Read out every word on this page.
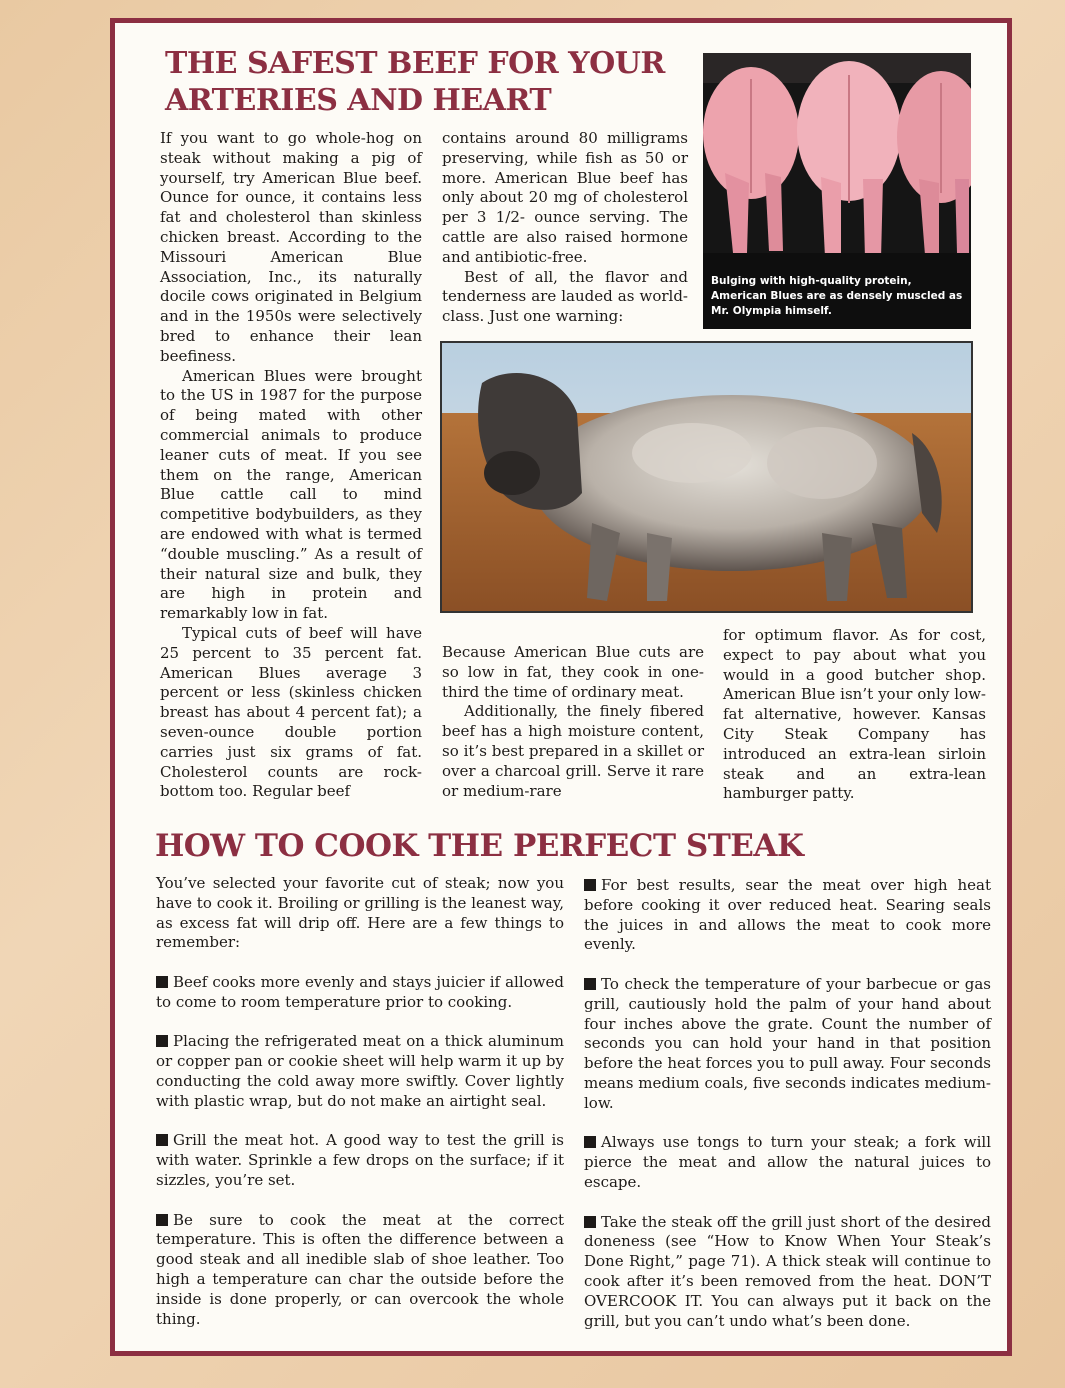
THE SAFEST BEEF FOR YOUR ARTERIES AND HEART

If you want to go whole-hog on steak without making a pig of yourself, try American Blue beef. Ounce for ounce, it contains less fat and cholesterol than skinless chicken breast. According to the Missouri American Blue Association, Inc., its naturally docile cows originated in Belgium and in the 1950s were selectively bred to enhance their lean beefiness.

American Blues were brought to the US in 1987 for the purpose of being mated with other commercial animals to produce leaner cuts of meat. If you see them on the range, American Blue cattle call to mind competitive bodybuilders, as they are endowed with what is termed “double muscling.” As a result of their natural size and bulk, they are high in protein and remarkably low in fat.

Typical cuts of beef will have 25 percent to 35 percent fat. American Blues average 3 percent or less (skinless chicken breast has about 4 percent fat); a seven-ounce double portion carries just six grams of fat. Cholesterol counts are rock-bottom too. Regular beef

contains around 80 milligrams preserving, while fish as 50 or more. American Blue beef has only about 20 mg of cholesterol per 3 1/2- ounce serving. The cattle are also raised hormone and antibiotic-free.

Best of all, the flavor and tenderness are lauded as world-class. Just one warning:

Bulging with high-quality protein, American Blues are as densely muscled as Mr. Olympia himself.

Because American Blue cuts are so low in fat, they cook in one-third the time of ordinary meat.

Additionally, the finely fibered beef has a high moisture content, so it’s best prepared in a skillet or over a charcoal grill. Serve it rare or medium-rare

for optimum flavor. As for cost, expect to pay about what you would in a good butcher shop. American Blue isn’t your only low-fat alternative, however. Kansas City Steak Company has introduced an extra-lean sirloin steak and an extra-lean hamburger patty.

HOW TO COOK THE PERFECT STEAK

You’ve selected your favorite cut of steak; now you have to cook it. Broiling or grilling is the leanest way, as excess fat will drip off. Here are a few things to remember:

Beef cooks more evenly and stays juicier if allowed to come to room temperature prior to cooking.

Placing the refrigerated meat on a thick aluminum or copper pan or cookie sheet will help warm it up by conducting the cold away more swiftly. Cover lightly with plastic wrap, but do not make an airtight seal.

Grill the meat hot. A good way to test the grill is with water. Sprinkle a few drops on the surface; if it sizzles, you’re set.

Be sure to cook the meat at the correct temperature. This is often the difference between a good steak and all inedible slab of shoe leather. Too high a temperature can char the outside before the inside is done properly, or can overcook the whole thing.

For best results, sear the meat over high heat before cooking it over reduced heat. Searing seals the juices in and allows the meat to cook more evenly.

To check the temperature of your barbecue or gas grill, cautiously hold the palm of your hand about four inches above the grate. Count the number of seconds you can hold your hand in that position before the heat forces you to pull away. Four seconds means medium coals, five seconds indicates medium-low.

Always use tongs to turn your steak; a fork will pierce the meat and allow the natural juices to escape.

Take the steak off the grill just short of the desired doneness (see “How to Know When Your Steak’s Done Right,” page 71). A thick steak will continue to cook after it’s been removed from the heat. DON’T OVERCOOK IT. You can always put it back on the grill, but you can’t undo what’s been done.
